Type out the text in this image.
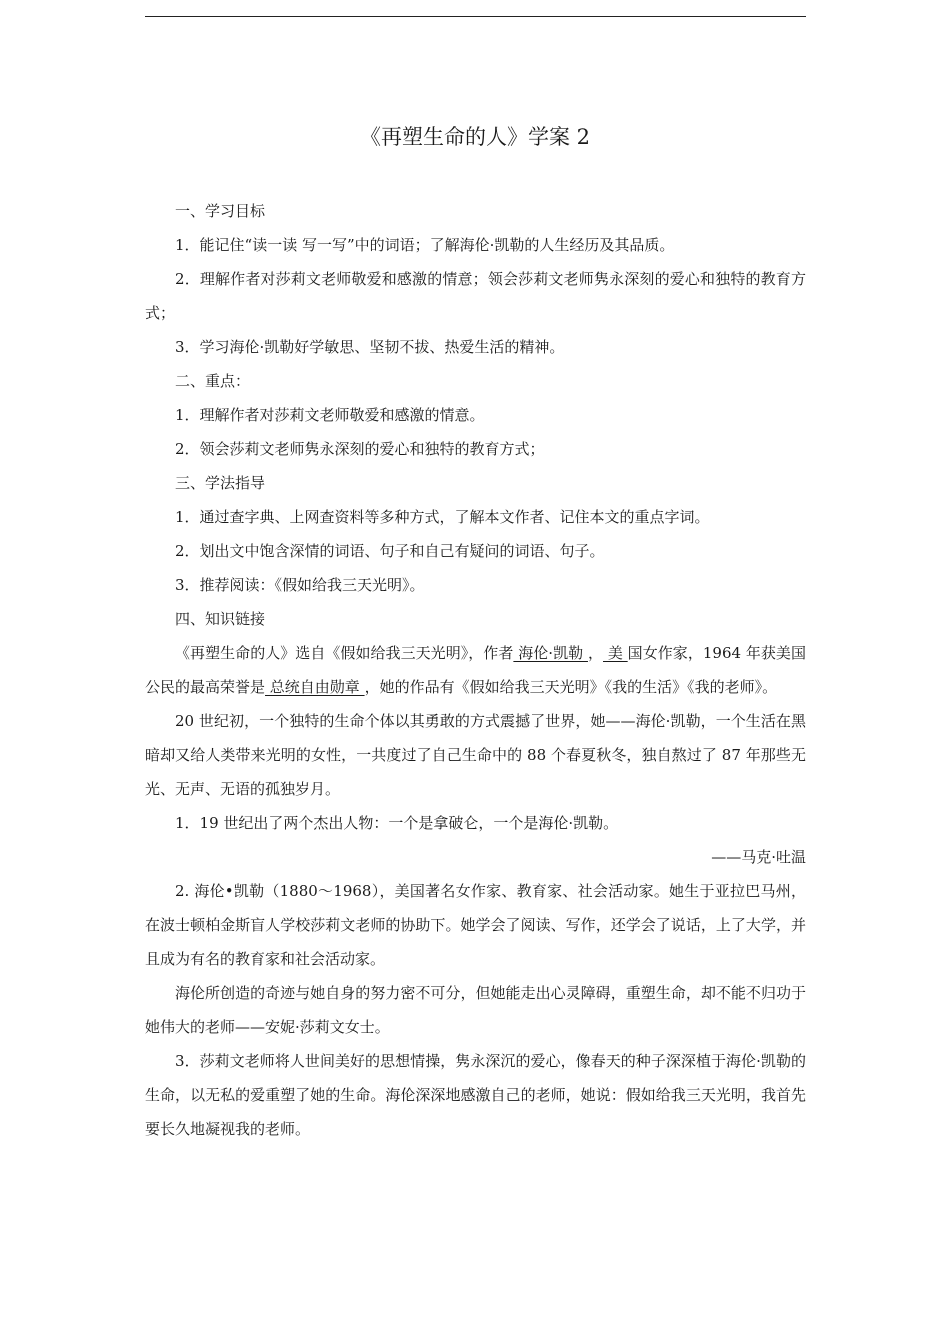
《再塑生命的人》学案 2

一、学习目标

1．能记住“读一读 写一写”中的词语；了解海伦·凯勒的人生经历及其品质。

2．理解作者对莎莉文老师敬爱和感激的情意；领会莎莉文老师隽永深刻的爱心和独特的教育方式；

3．学习海伦·凯勒好学敏思、坚韧不拔、热爱生活的精神。

二、重点：

1．理解作者对莎莉文老师敬爱和感激的情意。

2．领会莎莉文老师隽永深刻的爱心和独特的教育方式；

三、学法指导

1．通过查字典、上网查资料等多种方式，了解本文作者、记住本文的重点字词。

2．划出文中饱含深情的词语、句子和自己有疑问的词语、句子。

3．推荐阅读：《假如给我三天光明》。

四、知识链接

《再塑生命的人》选自《假如给我三天光明》，作者 海伦·凯勒 ， 美 国女作家，1964 年获美国公民的最高荣誉是 总统自由勋章 ，她的作品有《假如给我三天光明》《我的生活》《我的老师》。

20 世纪初，一个独特的生命个体以其勇敢的方式震撼了世界，她——海伦·凯勒，一个生活在黑暗却又给人类带来光明的女性，一共度过了自己生命中的 88 个春夏秋冬，独自熬过了 87 年那些无光、无声、无语的孤独岁月。

1．19 世纪出了两个杰出人物：一个是拿破仑，一个是海伦·凯勒。

——马克·吐温

2. 海伦•凯勒（1880～1968），美国著名女作家、教育家、社会活动家。她生于亚拉巴马州，在波士顿柏金斯盲人学校莎莉文老师的协助下。她学会了阅读、写作，还学会了说话，上了大学，并且成为有名的教育家和社会活动家。

海伦所创造的奇迹与她自身的努力密不可分，但她能走出心灵障碍，重塑生命，却不能不归功于她伟大的老师——安妮·莎莉文女士。

3．莎莉文老师将人世间美好的思想情操，隽永深沉的爱心，像春天的种子深深植于海伦·凯勒的生命，以无私的爱重塑了她的生命。海伦深深地感激自己的老师，她说：假如给我三天光明，我首先要长久地凝视我的老师。
